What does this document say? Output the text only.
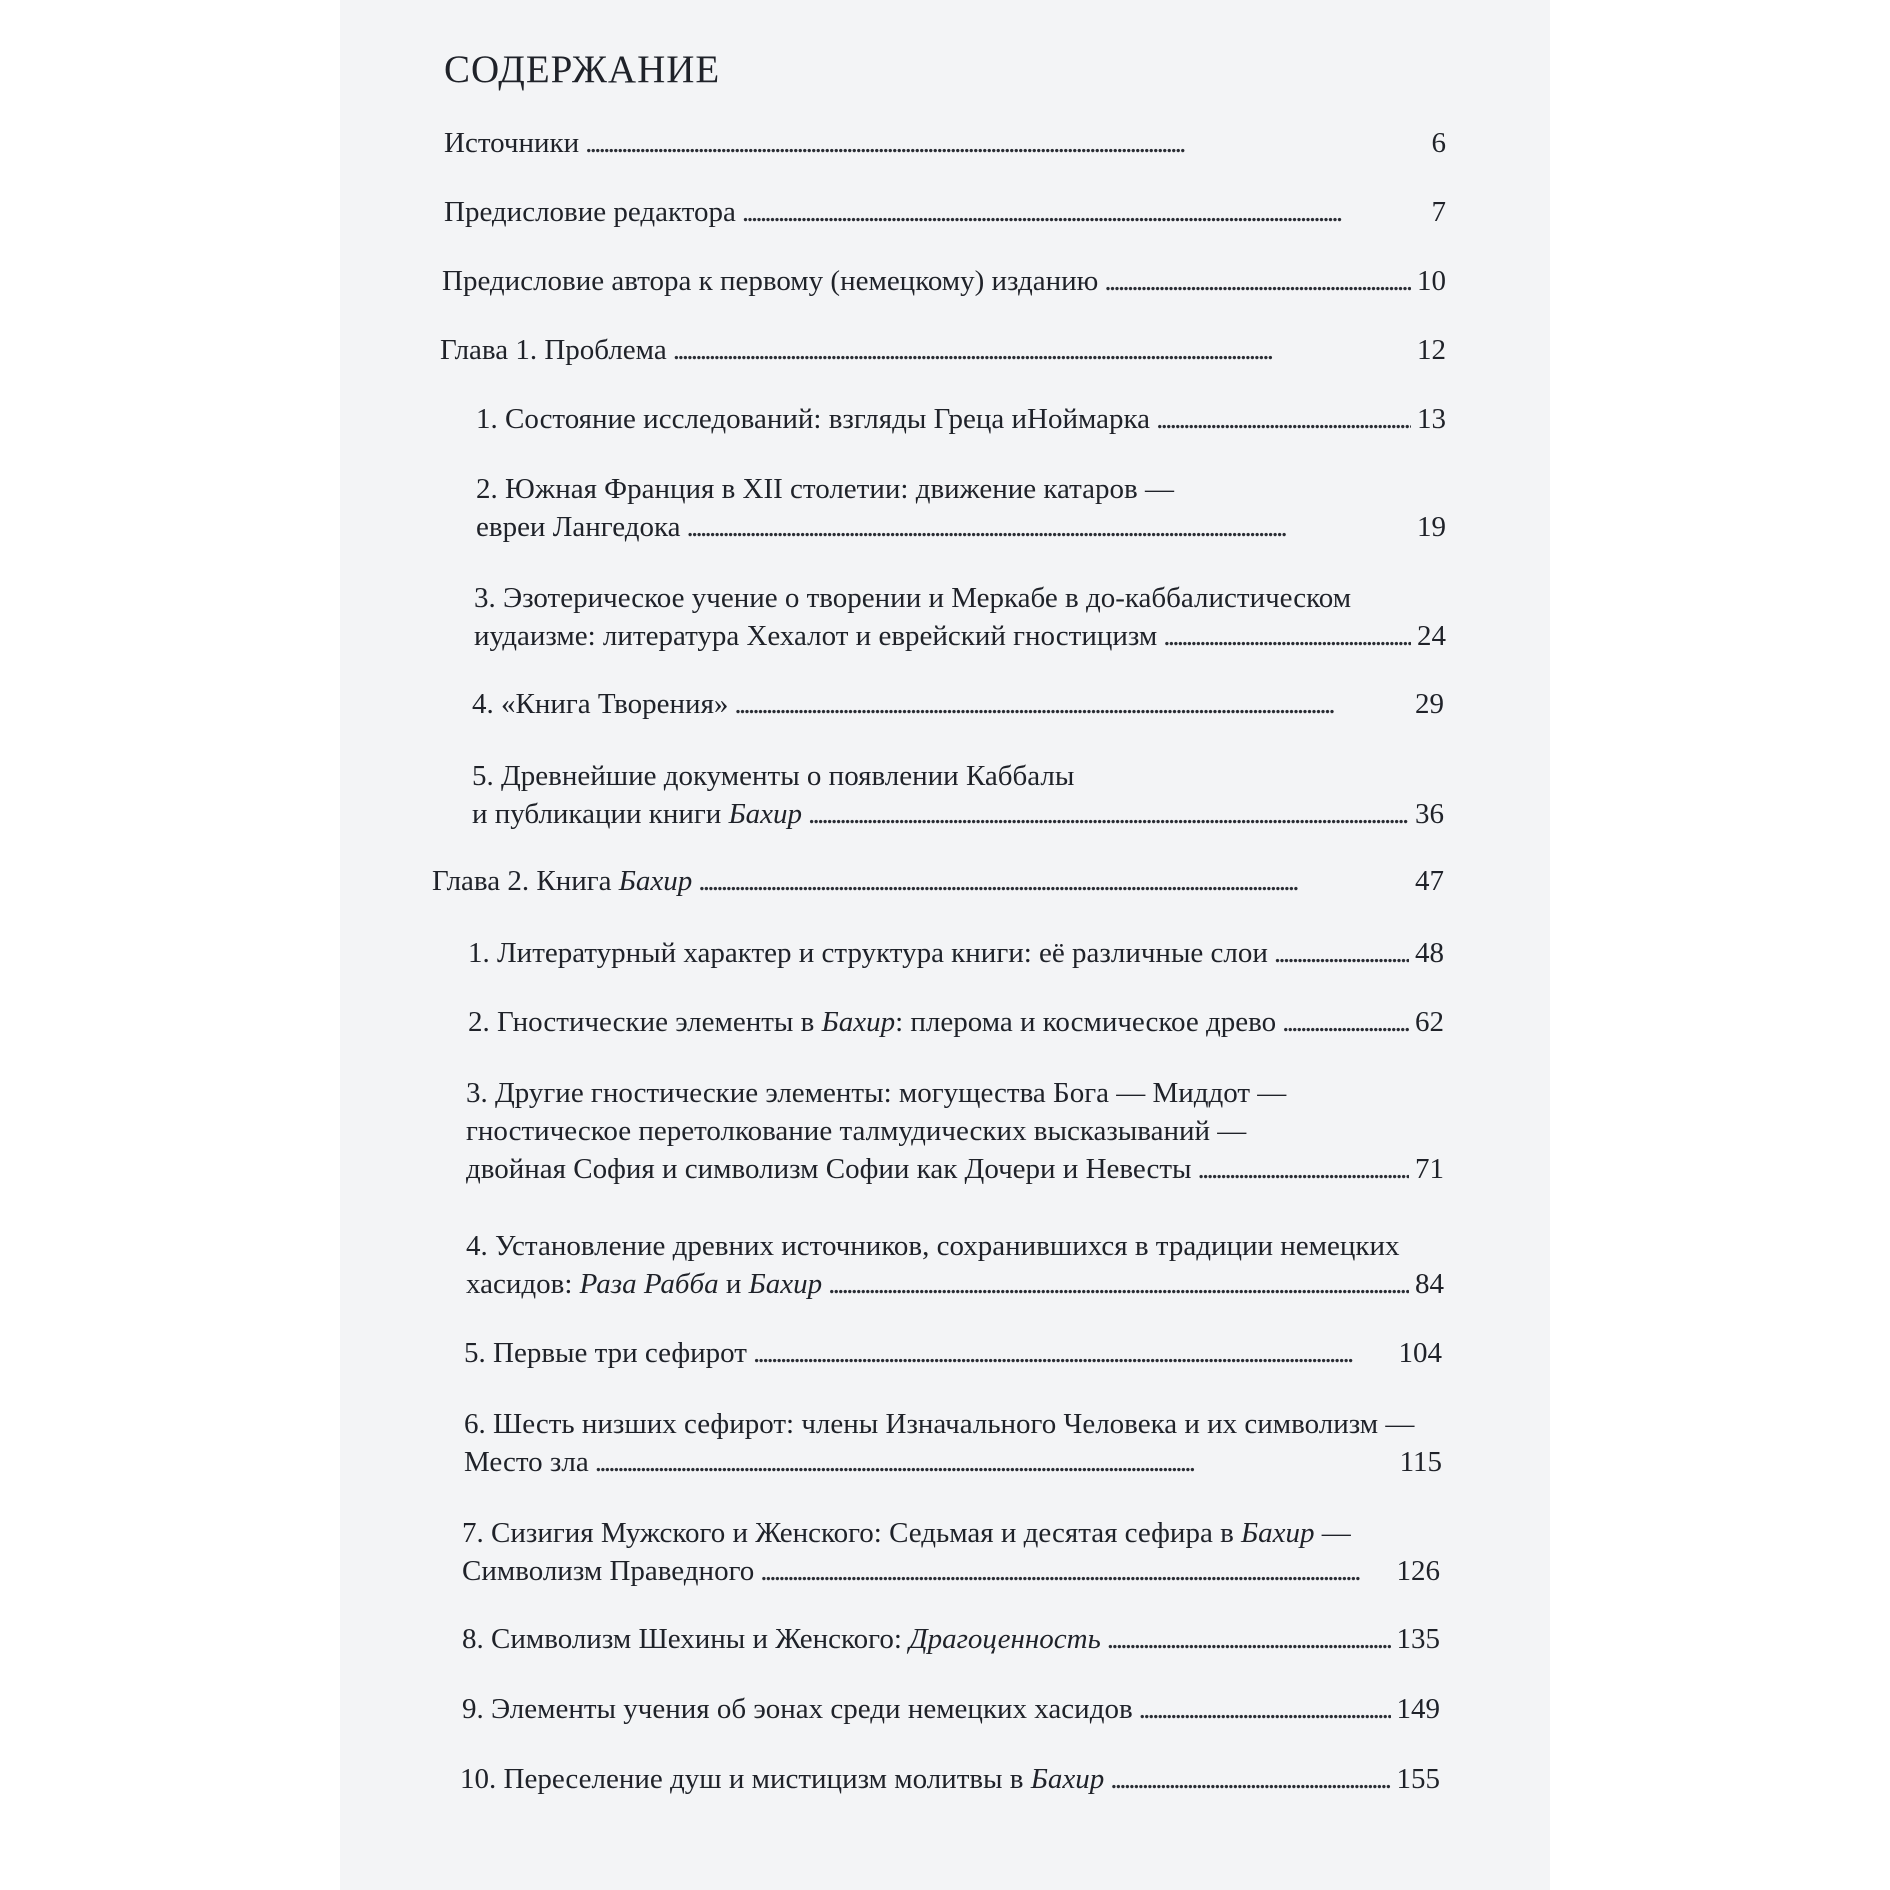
СОДЕРЖАНИЕ
Источники . . .	6
Предисловие редактора . . .	7
Предисловие автора к первому (немецкому) изданию . . .	10
Глава 1. Проблема . . .	12
1. Состояние исследований: взгляды Греца иНоймарка . . .	13
2. Южная Франция в XII столетии: движение катаров —
евреи Лангедока . . .	19
3. Эзотерическое учение о творении и Меркабе в до-каббалистическом
иудаизме: литература Хехалот и еврейский гностицизм . . .	24
4. «Книга Творения» . . .	29
5. Древнейшие документы о появлении Каббалы
и публикации книги Бахир . . .	36
Глава 2. Книга Бахир . . .	47
1. Литературный характер и структура книги: её различные слои . . .	48
2. Гностические элементы в Бахир: плерома и космическое древо . . .	62
3. Другие гностические элементы: могущества Бога — Миддот —
гностическое перетолкование талмудических высказываний —
двойная София и символизм Софии как Дочери и Невесты . . .	71
4. Установление древних источников, сохранившихся в традиции немецких
хасидов: Раза Рабба и Бахир . . .	84
5. Первые три сефирот . . .	104
6. Шесть низших сефирот: члены Изначального Человека и их символизм —
Место зла . . .	115
7. Сизигия Мужского и Женского: Седьмая и десятая сефира в Бахир —
Символизм Праведного . . .	126
8. Символизм Шехины и Женского: Драгоценность . . .	135
9. Элементы учения об эонах среди немецких хасидов . . .	149
10. Переселение душ и мистицизм молитвы в Бахир . . .	155
